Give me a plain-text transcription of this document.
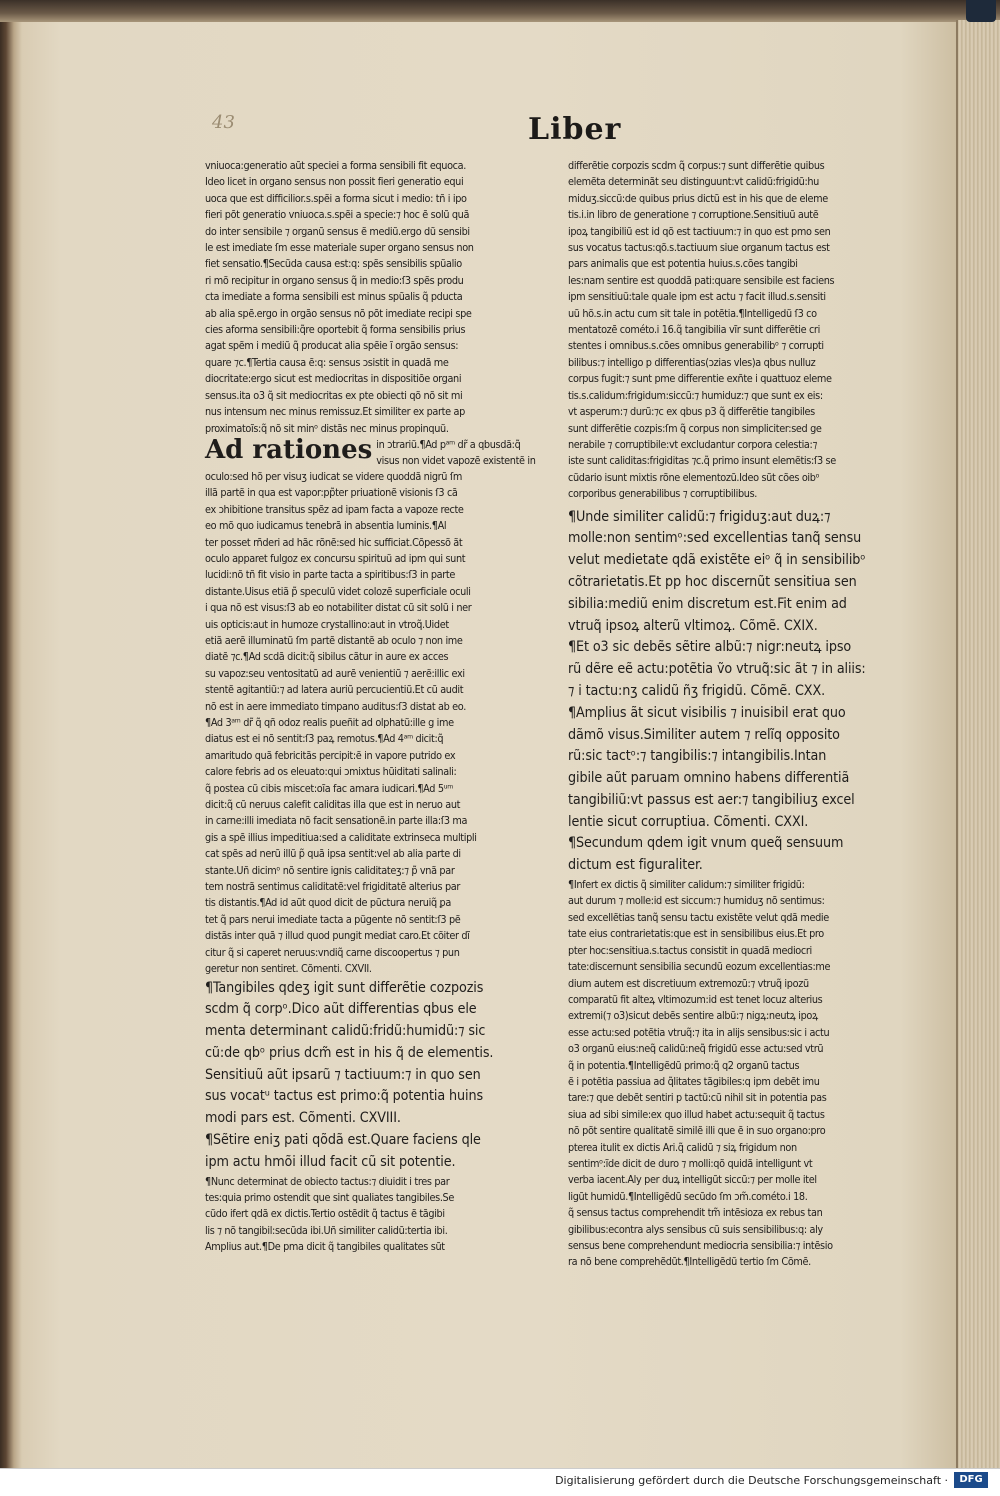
43	Liber
vniuoca:generatio aũt speciei a forma sensibili fit equoca.
Ideo licet in organo sensus non possit fieri generatio equi
uoca que est difficilior.s.spẽi a forma sicut i medio: tñ i ipo
fieri põt generatio vniuoca.s.spẽi a specie:⁊ hoc ẽ solũ quã
do inter sensibile ⁊ organũ sensus ẽ mediũ.ergo dũ sensibi
le est imediate ſm esse materiale super organo sensus non
fiet sensatio.¶Secũda causa est:q: spẽs sensibilis spũalio
ri mõ recipitur in organo sensus q̃ in medio:ſ3 spẽs produ
cta imediate a forma sensibili est minus spũalis q̃ pducta
ab alia spẽ.ergo in orgão sensus nõ põt imediate recipi spe
cies aforma sensibili:q̃re oportebit q̃ forma sensibilis prius
agat spẽm i mediũ q̃ producat alia spẽie ĩ orgão sensus:
quare ⁊c.¶Tertia causa ẽ:q: sensus ɔsistit in quadã me
diocritate:ergo sicut est mediocritas in dispositiõe organi
sensus.ita o3 q̃ sit mediocritas ex pte obiecti qõ nõ sit mi
nus intensum nec minus remissuz.Et similiter ex parte ap
proximatoĩs:q̃ nõ sit minᵒ distãs nec minus propinquũ.
Ad rationes in ɔtrariũ.¶Ad pᵃᵐ dr̃ a qbusdã:q̃
visus non videt vapozẽ existentẽ in
oculo:sed hõ per visuʒ iudicat se videre quoddã nigrũ ſm
illã partẽ in qua est vapor:pp̃ter priuationẽ visionis ſ3 cã
ex ɔhibitione transitus spẽz ad ipam facta a vapoze recte
eo mõ quo iudicamus tenebrã in absentia luminis.¶Al
ter posset rñderi ad hãc rõnẽ:sed hic sufficiat.Cõpessõ ãt
oculo apparet fulgoz ex concursu spirituũ ad ipm qui sunt
lucidi:nõ tñ fit visio in parte tacta a spiritibus:ſ3 in parte
distante.Uisus etiã p̃ speculũ videt colozẽ superficiale oculi
i qua nõ est visus:ſ3 ab eo notabiliter distat cũ sit solũ i ner
uis opticis:aut in humoze crystallino:aut in vtroq̃.Uidet
etiã aerẽ illuminatũ ſm partẽ distantẽ ab oculo ⁊ non ime
diatẽ ⁊c.¶Ad scdã dicit:q̃ sibilus cãtur in aure ex acces
su vapoz:seu ventositatũ ad aurẽ venientiũ ⁊ aerẽ:illic exi
stentẽ agitantiũ:⁊ ad latera auriũ percucientiũ.Et cũ audit
nõ est in aere immediato timpano auditus:ſ3 distat ab eo.
¶Ad 3ᵃᵐ dr̃ q̃ qñ odoz realis pueñit ad olphatũ:ille g ime
diatus est ei nõ sentit:ſ3 paꝝ remotus.¶Ad 4ᵃᵐ dicit:q̃
amaritudo quã febricitãs percipit:ẽ in vapore putrido ex
calore febris ad os eleuato:qui ɔmixtus hũiditati salinali:
q̃ postea cũ cibis miscet:oĩa fac amara iudicari.¶Ad 5ᵘᵐ
dicit:q̃ cũ neruus calefit caliditas illa que est in neruo aut
in carne:illi imediata nõ facit sensationẽ.in parte illa:ſ3 ma
gis a spẽ illius impeditiua:sed a caliditate extrinseca multipli
cat spẽs ad nerũ illũ p̃ quã ipsa sentit:vel ab alia parte di
stante.Uñ dicimᵒ nõ sentire ignis caliditateʒ:⁊ p̃ vnã par
tem nostrã sentimus caliditatẽ:vel frigiditatẽ alterius par
tis distantis.¶Ad id aũt quod dicit de pũctura neruiq̃ ꝑa
tet q̃ pars nerui imediate tacta a pũgente nõ sentit:ſ3 pẽ
distãs inter quã ⁊ illud quod pungit mediat caro.Et cõiter dĩ
citur q̃ si caperet neruus:vndiq̃ carne discoopertus ⁊ pun
geretur non sentiret. Cõmenti. CXVII.
¶Tangibiles qdeʒ igit sunt differẽtie cozpozis
scdm q̃ corpᵒ.Dico aũt differentias qbus ele
menta determinant calidũ:fridũ:humidũ:⁊ sic
cũ:de qbᵒ prius dcm̃ est in his q̃ de elementis.
Sensitiuũ aũt ipsarũ ⁊ tactiuum:⁊ in quo sen
sus vocatᵘ tactus est primo:q̃ potentia huins
modi pars est. Cõmenti. CXVIII.
¶Sẽtire eniʒ pati qõdã est.Quare faciens qle
ipm actu hmõi illud facit cũ sit potentie.
¶Nunc determinat de obiecto tactus:⁊ diuidit i tres par
tes:quia primo ostendit que sint qualiates tangibiles.Se
cũdo ifert qdã ex dictis.Tertio ostẽdit q̃ tactus ẽ tãgibi
lis ⁊ nõ tangibil:secũda ibi.Uñ similiter calidũ:tertia ibi.
Amplius aut.¶De pma dicit q̃ tangibiles qualitates sũt
differẽtie corpozis scdm q̃ corpus:⁊ sunt differẽtie quibus
elemẽta determinãt seu distinguunt:vt calidũ:frigidũ:hu
miduʒ.siccũ:de quibus prius dictũ est in his que de eleme
tis.i.in libro de generatione ⁊ corruptione.Sensitiuũ autẽ
ipoꝝ tangibiliũ est id qõ est tactiuum:⁊ in quo est pmo sen
sus vocatus tactus:qõ.s.tactiuum siue organum tactus est
pars animalis que est potentia huius.s.cões tangibi
les:nam sentire est quoddã pati:quare sensibile est faciens
ipm sensitiuũ:tale quale ipm est actu ⁊ facit illud.s.sensiti
uũ hõ.s.in actu cum sit tale in potẽtia.¶Intelligedũ ſ3 co
mentatozẽ cométo.i 16.q̃ tangibilia vĩr sunt differẽtie cri
stentes i omnibus.s.cões omnibus generabilibᵒ ⁊ corrupti
bilibus:⁊ intelligo p differentias(ɔzias vles)a qbus nulluz
corpus fugit:⁊ sunt pme differentie exñte i quattuoz eleme
tis.s.calidum:frigidum:siccũ:⁊ humiduz:⁊ que sunt ex eis:
vt asperum:⁊ durũ:⁊c ex qbus p3 q̃ differẽtie tangibiles
sunt differẽtie cozpis:ſm q̃ corpus non simpliciter:sed ge
nerabile ⁊ corruptibile:vt excludantur corpora celestia:⁊
iste sunt caliditas:frigiditas ⁊c.q̃ primo insunt elemẽtis:ſ3 se
cũdario isunt mixtis rõne elementozũ.Ideo sũt cões oibᵒ
corporibus generabilibus ⁊ corruptibilibus.
¶Unde similiter calidũ:⁊ frigiduʒ:aut duꝝ:⁊
molle:non sentimᵒ:sed excellentias tanq̃ sensu
velut medietate qdã existẽte eiᵒ q̃ in sensibilibᵒ
cõtrarietatis.Et pp hoc discernũt sensitiua sen
sibilia:mediũ enim discretum est.Fit enim ad
vtruq̃ ipsoꝝ alterũ vltimoꝝ. Cõmẽ. CXIX.
¶Et o3 sic debẽs sẽtire albũ:⁊ nigr:neutꝝ ipso
rũ dẽre eẽ actu:potẽtia ṽo vtruq̃:sic ãt ⁊ in aliis:
⁊ i tactu:nʒ calidũ ñʒ frigidũ. Cõmẽ. CXX.
¶Amplius ãt sicut visibilis ⁊ inuisibil erat quo
dãmõ visus.Similiter autem ⁊ relĩq opposito
rũ:sic tactᵒ:⁊ tangibilis:⁊ intangibilis.Intan
gibile aũt paruam omnino habens differentiã
tangibiliũ:vt passus est aer:⁊ tangibiliuʒ excel
lentie sicut corruptiua. Cõmenti. CXXI.
¶Secundum qdem igit vnum queq̃ sensuum
dictum est figuraliter.
¶Infert ex dictis q̃ similiter calidum:⁊ similiter frigidũ:
aut durum ⁊ molle:id est siccum:⁊ humiduʒ nõ sentimus:
sed excellẽtias tanq̃ sensu tactu existẽte velut qdã medie
tate eius contrarietatis:que est in sensibilibus eius.Et pro
pter hoc:sensitiua.s.tactus consistit in quadã mediocri
tate:discernunt sensibilia secundũ eozum excellentias:me
dium autem est discretiuum extremozũ:⁊ vtruq̃ ipozũ
comparatũ fit alteꝝ vltimozum:id est tenet locuz alterius
extremi(⁊ o3)sicut debẽs sentire albũ:⁊ nigꝝ:neutꝝ ipoꝝ
esse actu:sed potẽtia vtruq̃:⁊ ita in alijs sensibus:sic i actu
o3 organũ eius:neq̃ calidũ:neq̃ frigidũ esse actu:sed vtrũ
q̃ in potentia.¶Intelligẽdũ primo:q̃ q2 organũ tactus
ẽ i potẽtia passiua ad q̃litates tãgibiles:q ipm debẽt imu
tare:⁊ que debẽt sentiri p tactũ:cũ nihil sit in potentia pas
siua ad sibi simile:ex quo illud habet actu:sequit q̃ tactus
nõ põt sentire qualitatẽ similẽ illi que ẽ in suo organo:pro
pterea itulit ex dictis Ari.q̃ calidũ ⁊ siꝝ frigidum non
sentimᵒ:ĩde dicit de duro ⁊ molli:qõ quidã intelligunt vt
verba iacent.Aly per duꝝ intelligũt siccũ:⁊ per molle itel
ligũt humidũ.¶Intelligẽdũ secũdo ſm ɔm̃.cométo.i 18.
q̃ sensus tactus comprehendit tm̃ intẽsioza ex rebus tan
gibilibus:econtra alys sensibus cũ suis sensibilibus:q: aly
sensus bene comprehendunt mediocria sensibilia:⁊ intẽsio
ra nõ bene comprehẽdũt.¶Intelligẽdũ tertio ſm Cõmẽ.
Digitalisierung gefördert durch die Deutsche Forschungsgemeinschaft ·	DFG
